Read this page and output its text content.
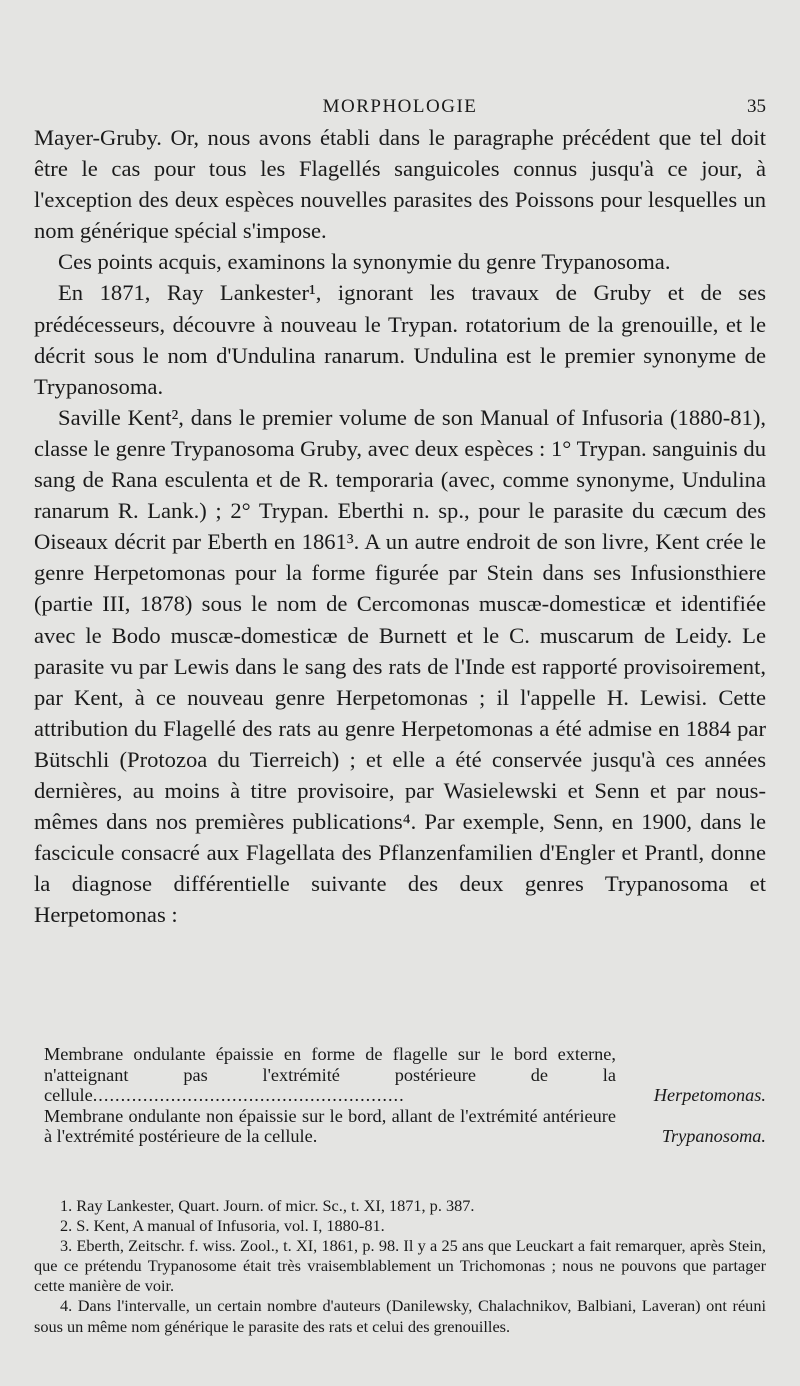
MORPHOLOGIE	35

Mayer-Gruby. Or, nous avons établi dans le paragraphe précédent que tel doit être le cas pour tous les Flagellés sanguicoles connus jusqu'à ce jour, à l'exception des deux espèces nouvelles parasites des Poissons pour lesquelles un nom générique spécial s'impose.

Ces points acquis, examinons la synonymie du genre Trypanosoma.

En 1871, Ray Lankester¹, ignorant les travaux de Gruby et de ses prédécesseurs, découvre à nouveau le Trypan. rotatorium de la grenouille, et le décrit sous le nom d'Undulina ranarum. Undulina est le premier synonyme de Trypanosoma.

Saville Kent², dans le premier volume de son Manual of Infusoria (1880-81), classe le genre Trypanosoma Gruby, avec deux espèces : 1° Trypan. sanguinis du sang de Rana esculenta et de R. temporaria (avec, comme synonyme, Undulina ranarum R. Lank.) ; 2° Trypan. Eberthi n. sp., pour le parasite du cæcum des Oiseaux décrit par Eberth en 1861³. A un autre endroit de son livre, Kent crée le genre Herpetomonas pour la forme figurée par Stein dans ses Infusionsthiere (partie III, 1878) sous le nom de Cercomonas muscæ-domesticæ et identifiée avec le Bodo muscæ-domesticæ de Burnett et le C. muscarum de Leidy. Le parasite vu par Lewis dans le sang des rats de l'Inde est rapporté provisoirement, par Kent, à ce nouveau genre Herpetomonas ; il l'appelle H. Lewisi. Cette attribution du Flagellé des rats au genre Herpetomonas a été admise en 1884 par Bütschli (Protozoa du Tierreich) ; et elle a été conservée jusqu'à ces années dernières, au moins à titre provisoire, par Wasielewski et Senn et par nous-mêmes dans nos premières publications⁴. Par exemple, Senn, en 1900, dans le fascicule consacré aux Flagellata des Pflanzenfamilien d'Engler et Prantl, donne la diagnose différentielle suivante des deux genres Trypanosoma et Herpetomonas :

Membrane ondulante épaissie en forme de flagelle sur le bord externe, n'atteignant pas l'extrémité postérieure de la cellule........................................................	Herpetomonas.
Membrane ondulante non épaissie sur le bord, allant de l'extrémité antérieure à l'extrémité postérieure de la cellule.	Trypanosoma.

1. Ray Lankester, Quart. Journ. of micr. Sc., t. XI, 1871, p. 387.

2. S. Kent, A manual of Infusoria, vol. I, 1880-81.

3. Eberth, Zeitschr. f. wiss. Zool., t. XI, 1861, p. 98. Il y a 25 ans que Leuckart a fait remarquer, après Stein, que ce prétendu Trypanosome était très vraisemblablement un Trichomonas ; nous ne pouvons que partager cette manière de voir.

4. Dans l'intervalle, un certain nombre d'auteurs (Danilewsky, Chalachnikov, Balbiani, Laveran) ont réuni sous un même nom générique le parasite des rats et celui des grenouilles.
